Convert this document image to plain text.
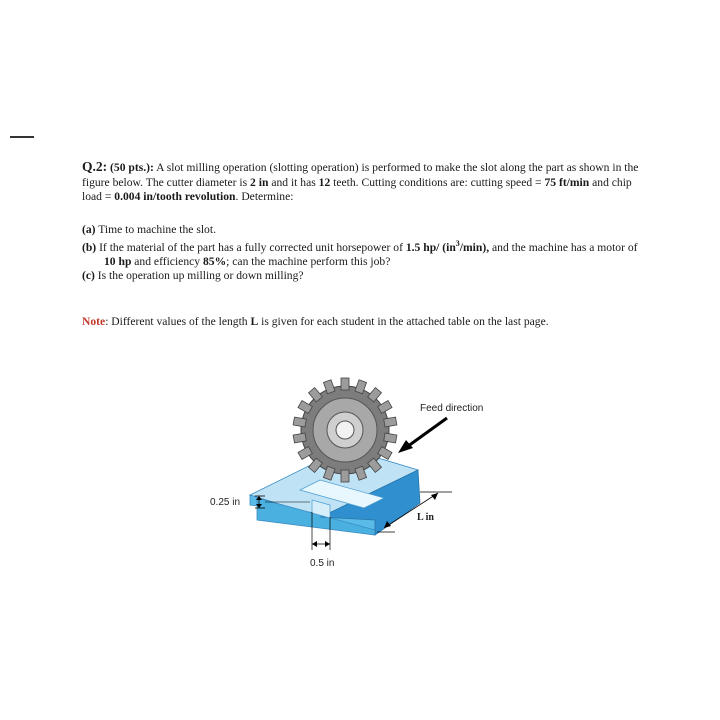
Q.2: (50 pts.): A slot milling operation (slotting operation) is performed to make the slot along the part as shown in the figure below. The cutter diameter is 2 in and it has 12 teeth. Cutting conditions are: cutting speed = 75 ft/min and chip load = 0.004 in/tooth revolution. Determine:

(a) Time to machine the slot.

(b) If the material of the part has a fully corrected unit horsepower of 1.5 hp/ $(in^3/\min)$, and the machine has a motor of 10 hp and efficiency 85%; can the machine perform this job?

(c) Is the operation up milling or down milling?

Note: Different values of the length L is given for each student in the attached table on the last page.
Feed direction
0.25 in
0.5 in
L in
